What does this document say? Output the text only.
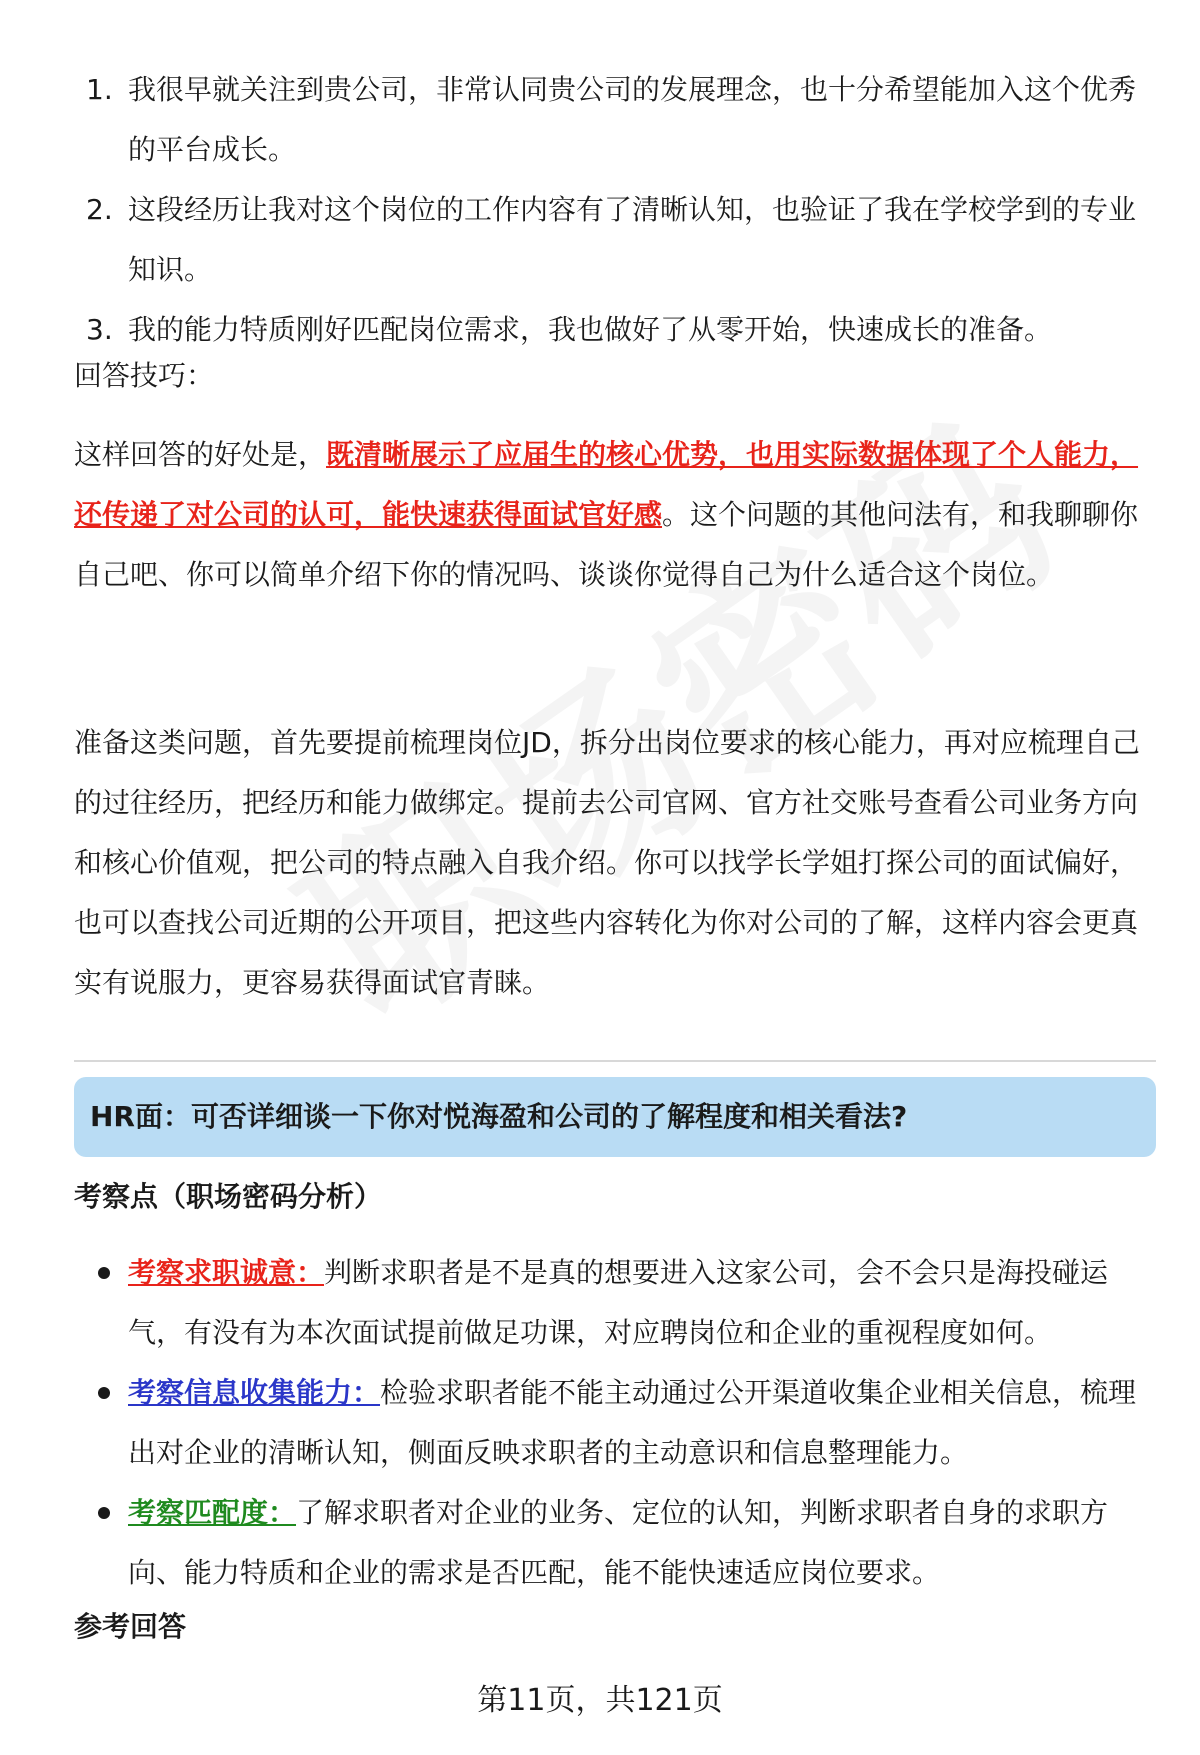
1. 我很早就关注到贵公司，非常认同贵公司的发展理念，也十分希望能加入这个优秀的平台成长。
2. 这段经历让我对这个岗位的工作内容有了清晰认知，也验证了我在学校学到的专业知识。
3. 我的能力特质刚好匹配岗位需求，我也做好了从零开始，快速成长的准备。

回答技巧：

这样回答的好处是，既清晰展示了应届生的核心优势，也用实际数据体现了个人能力，还传递了对公司的认可，能快速获得面试官好感。这个问题的其他问法有，和我聊聊你自己吧、你可以简单介绍下你的情况吗、谈谈你觉得自己为什么适合这个岗位。

准备这类问题，首先要提前梳理岗位JD，拆分出岗位要求的核心能力，再对应梳理自己的过往经历，把经历和能力做绑定。提前去公司官网、官方社交账号查看公司业务方向和核心价值观，把公司的特点融入自我介绍。你可以找学长学姐打探公司的面试偏好，也可以查找公司近期的公开项目，把这些内容转化为你对公司的了解，这样内容会更真实有说服力，更容易获得面试官青睐。

HR面：可否详细谈一下你对悦海盈和公司的了解程度和相关看法?
考察点（职场密码分析）
考察求职诚意：判断求职者是不是真的想要进入这家公司，会不会只是海投碰运气，有没有为本次面试提前做足功课，对应聘岗位和企业的重视程度如何。
考察信息收集能力：检验求职者能不能主动通过公开渠道收集企业相关信息，梳理出对企业的清晰认知，侧面反映求职者的主动意识和信息整理能力。
考察匹配度：了解求职者对企业的业务、定位的认知，判断求职者自身的求职方向、能力特质和企业的需求是否匹配，能不能快速适应岗位要求。
参考回答
第11页，共121页
